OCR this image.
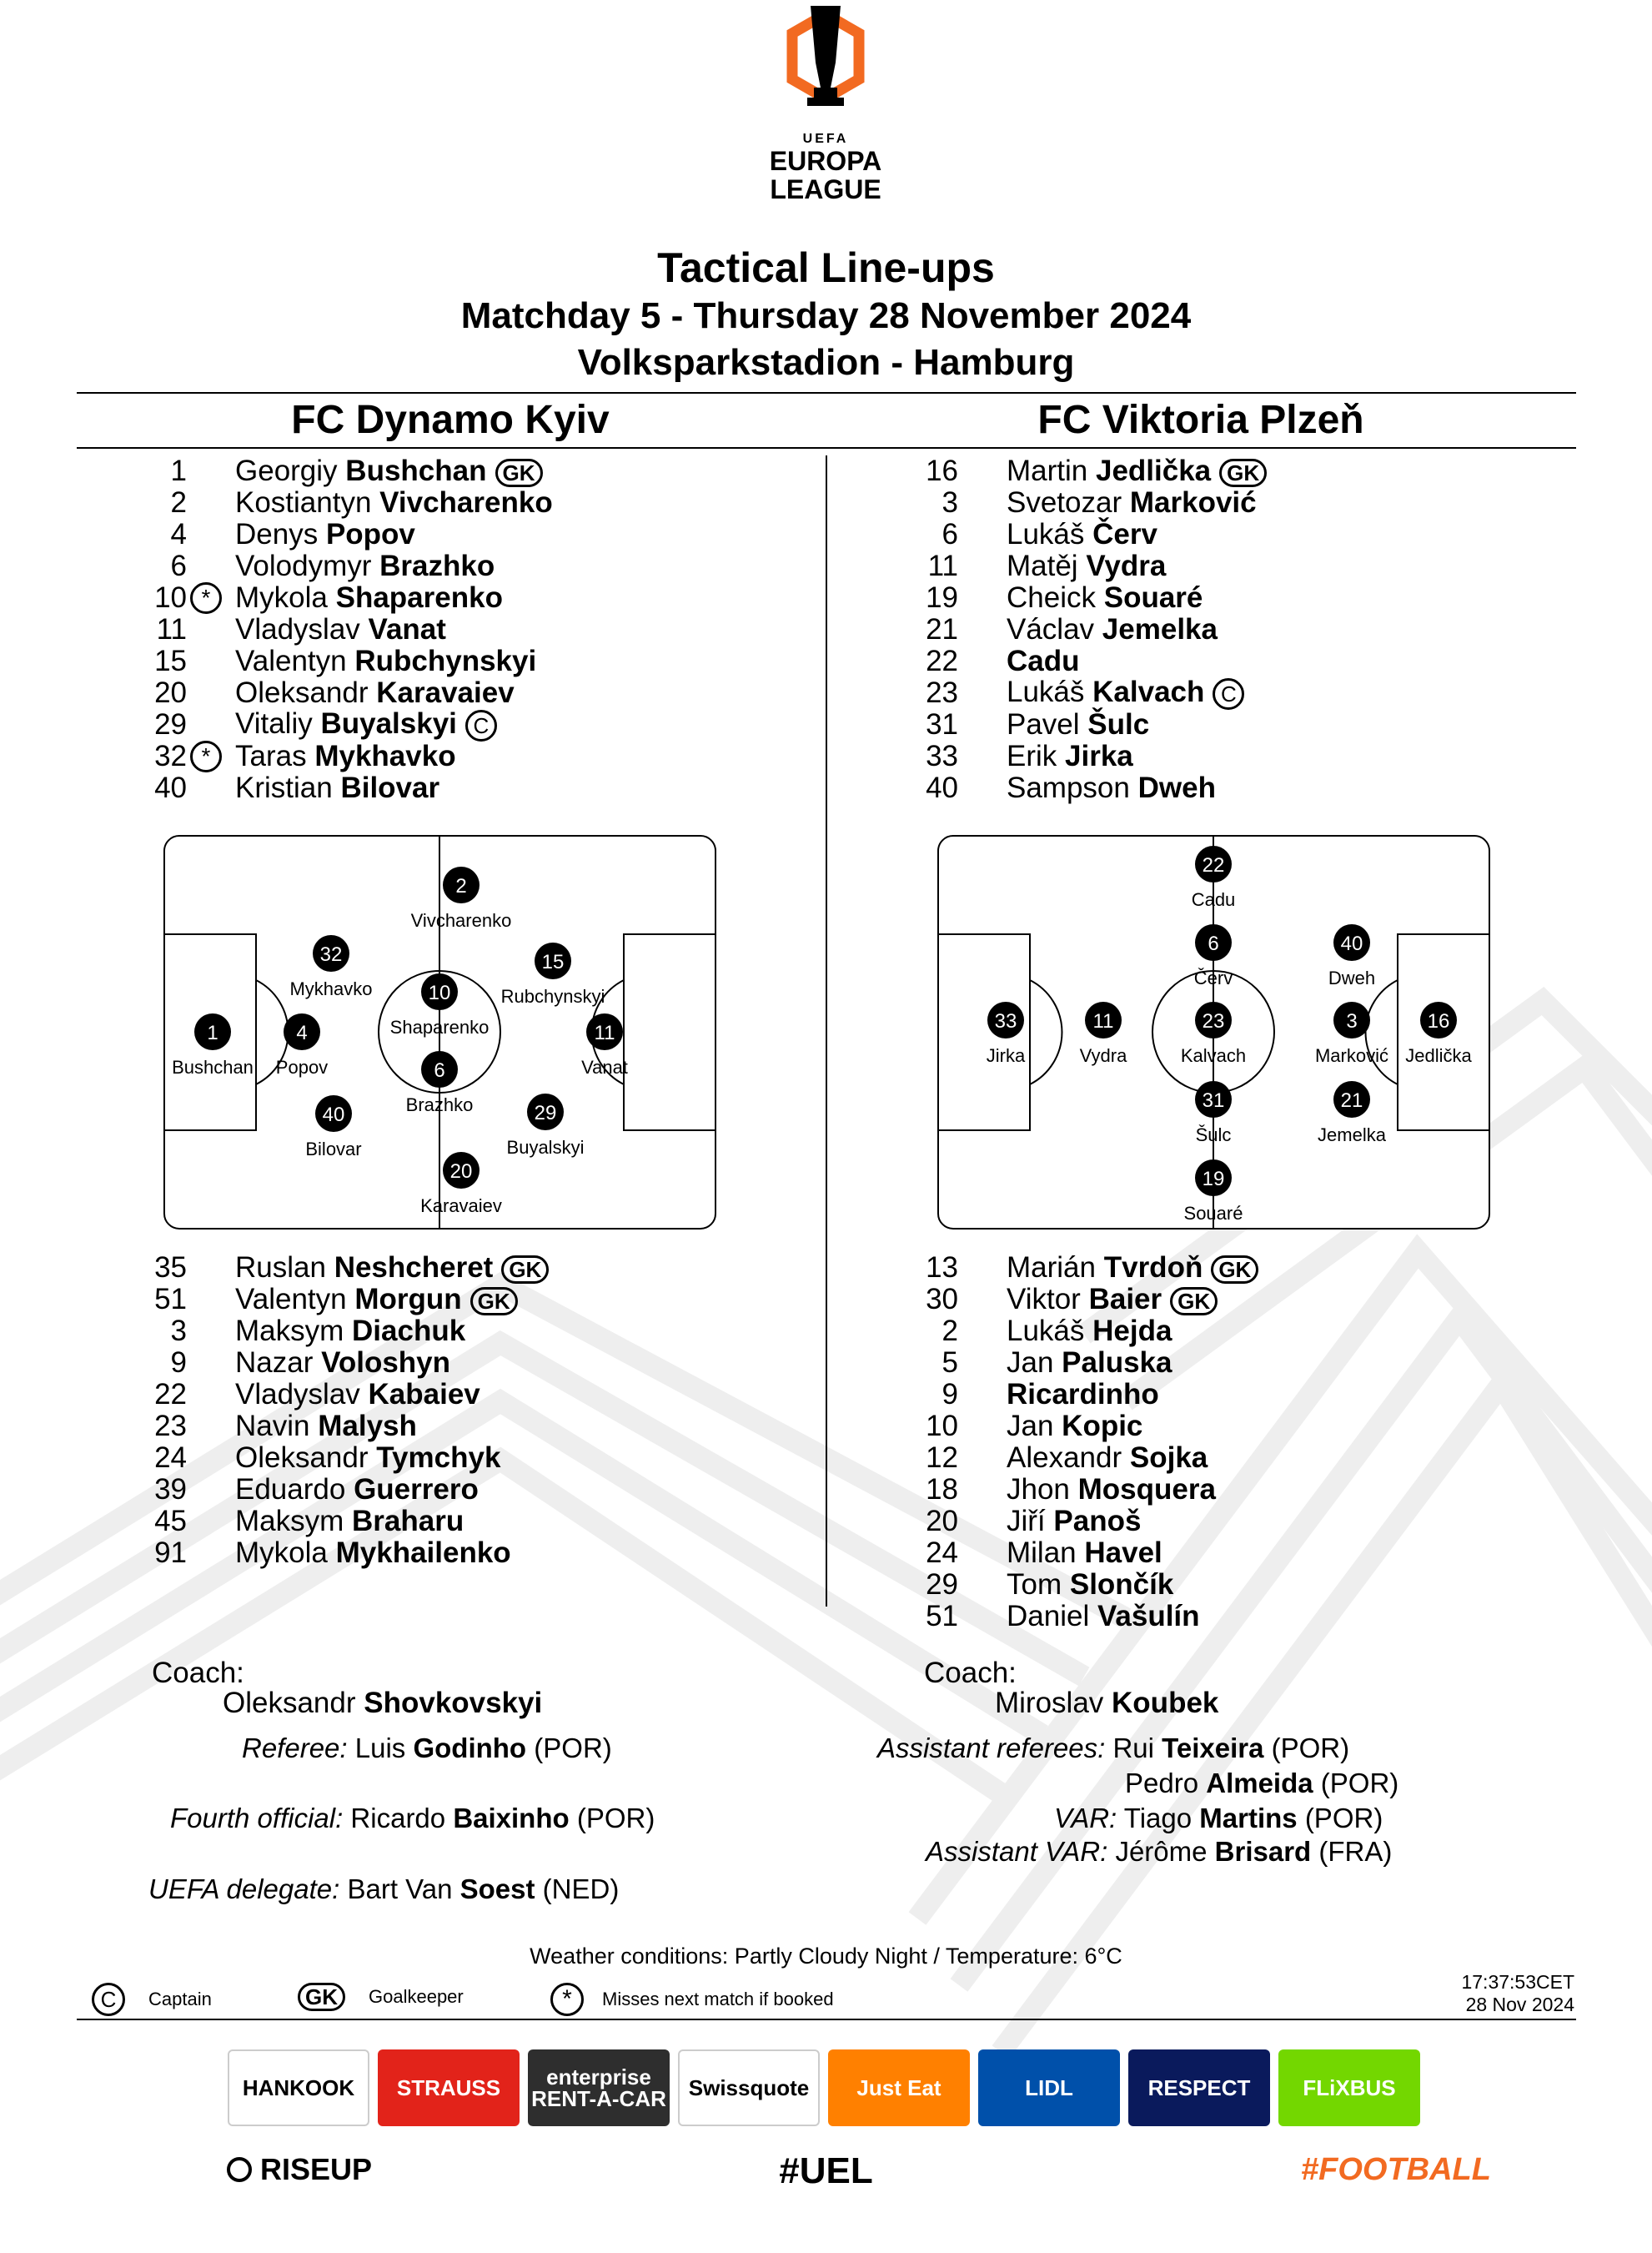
UEFA
EUROPA
LEAGUE
Tactical Line-ups
Matchday 5 - Thursday 28 November 2024
Volksparkstadion - Hamburg
FC Dynamo Kyiv	FC Viktoria Plzeň
1	Georgiy Bushchan GK
2	Kostiantyn Vivcharenko
4	Denys Popov
6	Volodymyr Brazhko
10 * Mykola Shaparenko
11	Vladyslav Vanat
15	Valentyn Rubchynskyi
20	Oleksandr Karavaiev
29	Vitaliy Buyalskyi C
32 * Taras Mykhavko
40	Kristian Bilovar
16	Martin Jedlička GK
3	Svetozar Marković
6	Lukáš Červ
11	Matěj Vydra
19	Cheick Souaré
21	Václav Jemelka
22	Cadu
23	Lukáš Kalvach C
31	Pavel Šulc
33	Erik Jirka
40	Sampson Dweh
35	Ruslan Neshcheret GK
51	Valentyn Morgun GK
3	Maksym Diachuk
9	Nazar Voloshyn
22	Vladyslav Kabaiev
23	Navin Malysh
24	Oleksandr Tymchyk
39	Eduardo Guerrero
45	Maksym Braharu
91	Mykola Mykhailenko
13	Marián Tvrdoň GK
30	Viktor Baier GK
2	Lukáš Hejda
5	Jan Paluska
9	Ricardinho
10	Jan Kopic
12	Alexandr Sojka
18	Jhon Mosquera
20	Jiří Panoš
24	Milan Havel
29	Tom Slončík
51	Daniel Vašulín
1
Bushchan
4
Popov
32
Mykhavko
40
Bilovar
2
Vivcharenko
10
Shaparenko
6
Brazhko
20
Karavaiev
15
Rubchynskyi
29
Buyalskyi
11
Vanat
16
Jedlička
3
Marković
40
Dweh
21
Jemelka
22
Cadu
6
Červ
23
Kalvach
31
Šulc
19
Souaré
11
Vydra
33
Jirka
Coach:
Oleksandr Shovkovskyi
Coach:
Miroslav Koubek
Referee: Luis Godinho (POR)
Fourth official: Ricardo Baixinho (POR)
UEFA delegate: Bart Van Soest (NED)
Assistant referees: Rui Teixeira (POR)
Pedro Almeida (POR)
VAR: Tiago Martins (POR)
Assistant VAR: Jérôme Brisard (FRA)
Weather conditions: Partly Cloudy Night / Temperature: 6°C
C	Captain	GK	Goalkeeper	*	Misses next match if booked
17:37:53CET
28 Nov 2024
HANKOOK	STRAUSS	enterprise RENT-A-CAR	Swissquote	Just Eat	LIDL	RESPECT	FLiXBUS
RISEUP	#UEL	#FOOTBALL
